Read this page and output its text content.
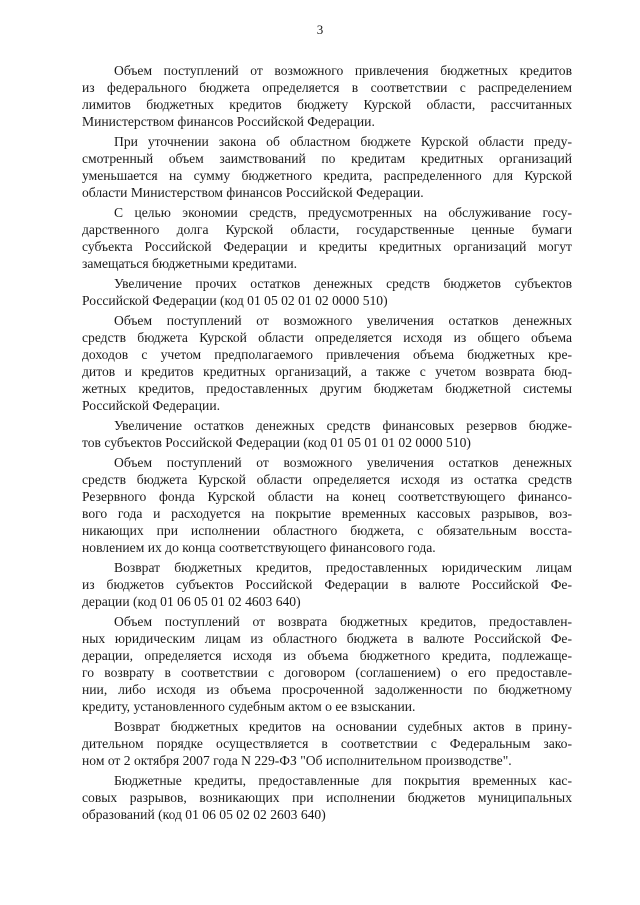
3
Объем поступлений от возможного привлечения бюджетных кредитов
из федерального бюджета определяется в соответствии с распределением
лимитов бюджетных кредитов бюджету Курской области, рассчитанных
Министерством финансов Российской Федерации.
При уточнении закона об областном бюджете Курской области преду-
смотренный объем заимствований по кредитам кредитных организаций
уменьшается на сумму бюджетного кредита, распределенного для Курской
области Министерством финансов Российской Федерации.
С целью экономии средств, предусмотренных на обслуживание госу-
дарственного долга Курской области, государственные ценные бумаги
субъекта Российской Федерации и кредиты кредитных организаций могут
замещаться бюджетными кредитами.
Увеличение прочих остатков денежных средств бюджетов субъектов
Российской Федерации (код 01 05 02 01 02 0000 510)
Объем поступлений от возможного увеличения остатков денежных
средств бюджета Курской области определяется исходя из общего объема
доходов с учетом предполагаемого привлечения объема бюджетных кре-
дитов и кредитов кредитных организаций, а также с учетом возврата бюд-
жетных кредитов, предоставленных другим бюджетам бюджетной системы
Российской Федерации.
Увеличение остатков денежных средств финансовых резервов бюдже-
тов субъектов Российской Федерации (код 01 05 01 01 02 0000 510)
Объем поступлений от возможного увеличения остатков денежных
средств бюджета Курской области определяется исходя из остатка средств
Резервного фонда Курской области на конец соответствующего финансо-
вого года и расходуется на покрытие временных кассовых разрывов, воз-
никающих при исполнении областного бюджета, с обязательным восста-
новлением их до конца соответствующего финансового года.
Возврат бюджетных кредитов, предоставленных юридическим лицам
из бюджетов субъектов Российской Федерации в валюте Российской Фе-
дерации (код 01 06 05 01 02 4603 640)
Объем поступлений от возврата бюджетных кредитов, предоставлен-
ных юридическим лицам из областного бюджета в валюте Российской Фе-
дерации, определяется исходя из объема бюджетного кредита, подлежаще-
го возврату в соответствии с договором (соглашением) о его предоставле-
нии, либо исходя из объема просроченной задолженности по бюджетному
кредиту, установленного судебным актом о ее взыскании.
Возврат бюджетных кредитов на основании судебных актов в прину-
дительном порядке осуществляется в соответствии с Федеральным зако-
ном от 2 октября 2007 года N 229-ФЗ "Об исполнительном производстве".
Бюджетные кредиты, предоставленные для покрытия временных кас-
совых разрывов, возникающих при исполнении бюджетов муниципальных
образований (код 01 06 05 02 02 2603 640)
